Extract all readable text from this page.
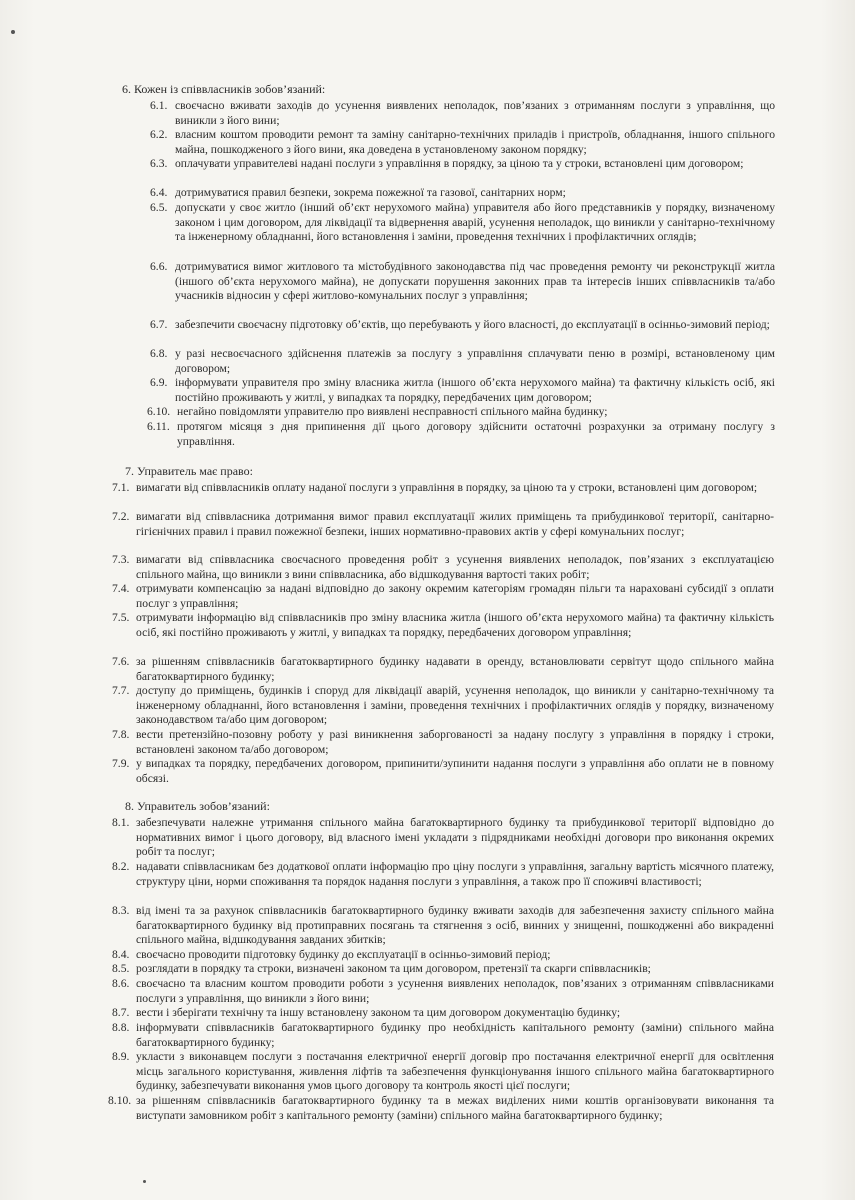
6. Кожен із співвласників зобов’язаний:
6.1. своєчасно вживати заходів до усунення виявлених неполадок, пов’язаних з отриманням послуги з управління, що виникли з його вини;
6.2. власним коштом проводити ремонт та заміну санітарно-технічних приладів і пристроїв, обладнання, іншого спільного майна, пошкодженого з його вини, яка доведена в установленому законом порядку;
6.3. оплачувати управителеві надані послуги з управління в порядку, за ціною та у строки, встановлені цим договором;
6.4. дотримуватися правил безпеки, зокрема пожежної та газової, санітарних норм;
6.5. допускати у своє житло (інший об’єкт нерухомого майна) управителя або його представників у порядку, визначеному законом і цим договором, для ліквідації та відвернення аварій, усунення неполадок, що виникли у санітарно-технічному та інженерному обладнанні, його встановлення і заміни, проведення технічних і профілактичних оглядів;
6.6. дотримуватися вимог житлового та містобудівного законодавства під час проведення ремонту чи реконструкції житла (іншого об’єкта нерухомого майна), не допускати порушення законних прав та інтересів інших співвласників та/або учасників відносин у сфері житлово-комунальних послуг з управління;
6.7. забезпечити своєчасну підготовку об’єктів, що перебувають у його власності, до експлуатації в осінньо-зимовий період;
6.8. у разі несвоєчасного здійснення платежів за послугу з управління сплачувати пеню в розмірі, встановленому цим договором;
6.9. інформувати управителя про зміну власника житла (іншого об’єкта нерухомого майна) та фактичну кількість осіб, які постійно проживають у житлі, у випадках та порядку, передбачених цим договором;
6.10. негайно повідомляти управителю про виявлені несправності спільного майна будинку;
6.11. протягом місяця з дня припинення дії цього договору здійснити остаточні розрахунки за отриману послугу з управління.
7. Управитель має право:
7.1. вимагати від співвласників оплату наданої послуги з управління в порядку, за ціною та у строки, встановлені цим договором;
7.2. вимагати від співвласника дотримання вимог правил експлуатації жилих приміщень та прибудинкової території, санітарно-гігієнічних правил і правил пожежної безпеки, інших нормативно-правових актів у сфері комунальних послуг;
7.3. вимагати від співвласника своєчасного проведення робіт з усунення виявлених неполадок, пов’язаних з експлуатацією спільного майна, що виникли з вини співвласника, або відшкодування вартості таких робіт;
7.4. отримувати компенсацію за надані відповідно до закону окремим категоріям громадян пільги та нараховані субсидії з оплати послуг з управління;
7.5. отримувати інформацію від співвласників про зміну власника житла (іншого об’єкта нерухомого майна) та фактичну кількість осіб, які постійно проживають у житлі, у випадках та порядку, передбачених договором управління;
7.6. за рішенням співвласників багатоквартирного будинку надавати в оренду, встановлювати сервітут щодо спільного майна багатоквартирного будинку;
7.7. доступу до приміщень, будинків і споруд для ліквідації аварій, усунення неполадок, що виникли у санітарно-технічному та інженерному обладнанні, його встановлення і заміни, проведення технічних і профілактичних оглядів у порядку, визначеному законодавством та/або цим договором;
7.8. вести претензійно-позовну роботу у разі виникнення заборгованості за надану послугу з управління в порядку і строки, встановлені законом та/або договором;
7.9. у випадках та порядку, передбачених договором, припинити/зупинити надання послуги з управління або оплати не в повному обсязі.
8. Управитель зобов’язаний:
8.1. забезпечувати належне утримання спільного майна багатоквартирного будинку та прибудинкової території відповідно до нормативних вимог і цього договору, від власного імені укладати з підрядниками необхідні договори про виконання окремих робіт та послуг;
8.2. надавати співвласникам без додаткової оплати інформацію про ціну послуги з управління, загальну вартість місячного платежу, структуру ціни, норми споживання та порядок надання послуги з управління, а також про її споживчі властивості;
8.3. від імені та за рахунок співвласників багатоквартирного будинку вживати заходів для забезпечення захисту спільного майна багатоквартирного будинку від протиправних посягань та стягнення з осіб, винних у знищенні, пошкодженні або викраденні спільного майна, відшкодування завданих збитків;
8.4. своєчасно проводити підготовку будинку до експлуатації в осінньо-зимовий період;
8.5. розглядати в порядку та строки, визначені законом та цим договором, претензії та скарги співвласників;
8.6. своєчасно та власним коштом проводити роботи з усунення виявлених неполадок, пов’язаних з отриманням співвласниками послуги з управління, що виникли з його вини;
8.7. вести і зберігати технічну та іншу встановлену законом та цим договором документацію будинку;
8.8. інформувати співвласників багатоквартирного будинку про необхідність капітального ремонту (заміни) спільного майна багатоквартирного будинку;
8.9. укласти з виконавцем послуги з постачання електричної енергії договір про постачання електричної енергії для освітлення місць загального користування, живлення ліфтів та забезпечення функціонування іншого спільного майна багатоквартирного будинку, забезпечувати виконання умов цього договору та контроль якості цієї послуги;
8.10. за рішенням співвласників багатоквартирного будинку та в межах виділених ними коштів організовувати виконання та виступати замовником робіт з капітального ремонту (заміни) спільного майна багатоквартирного будинку;
